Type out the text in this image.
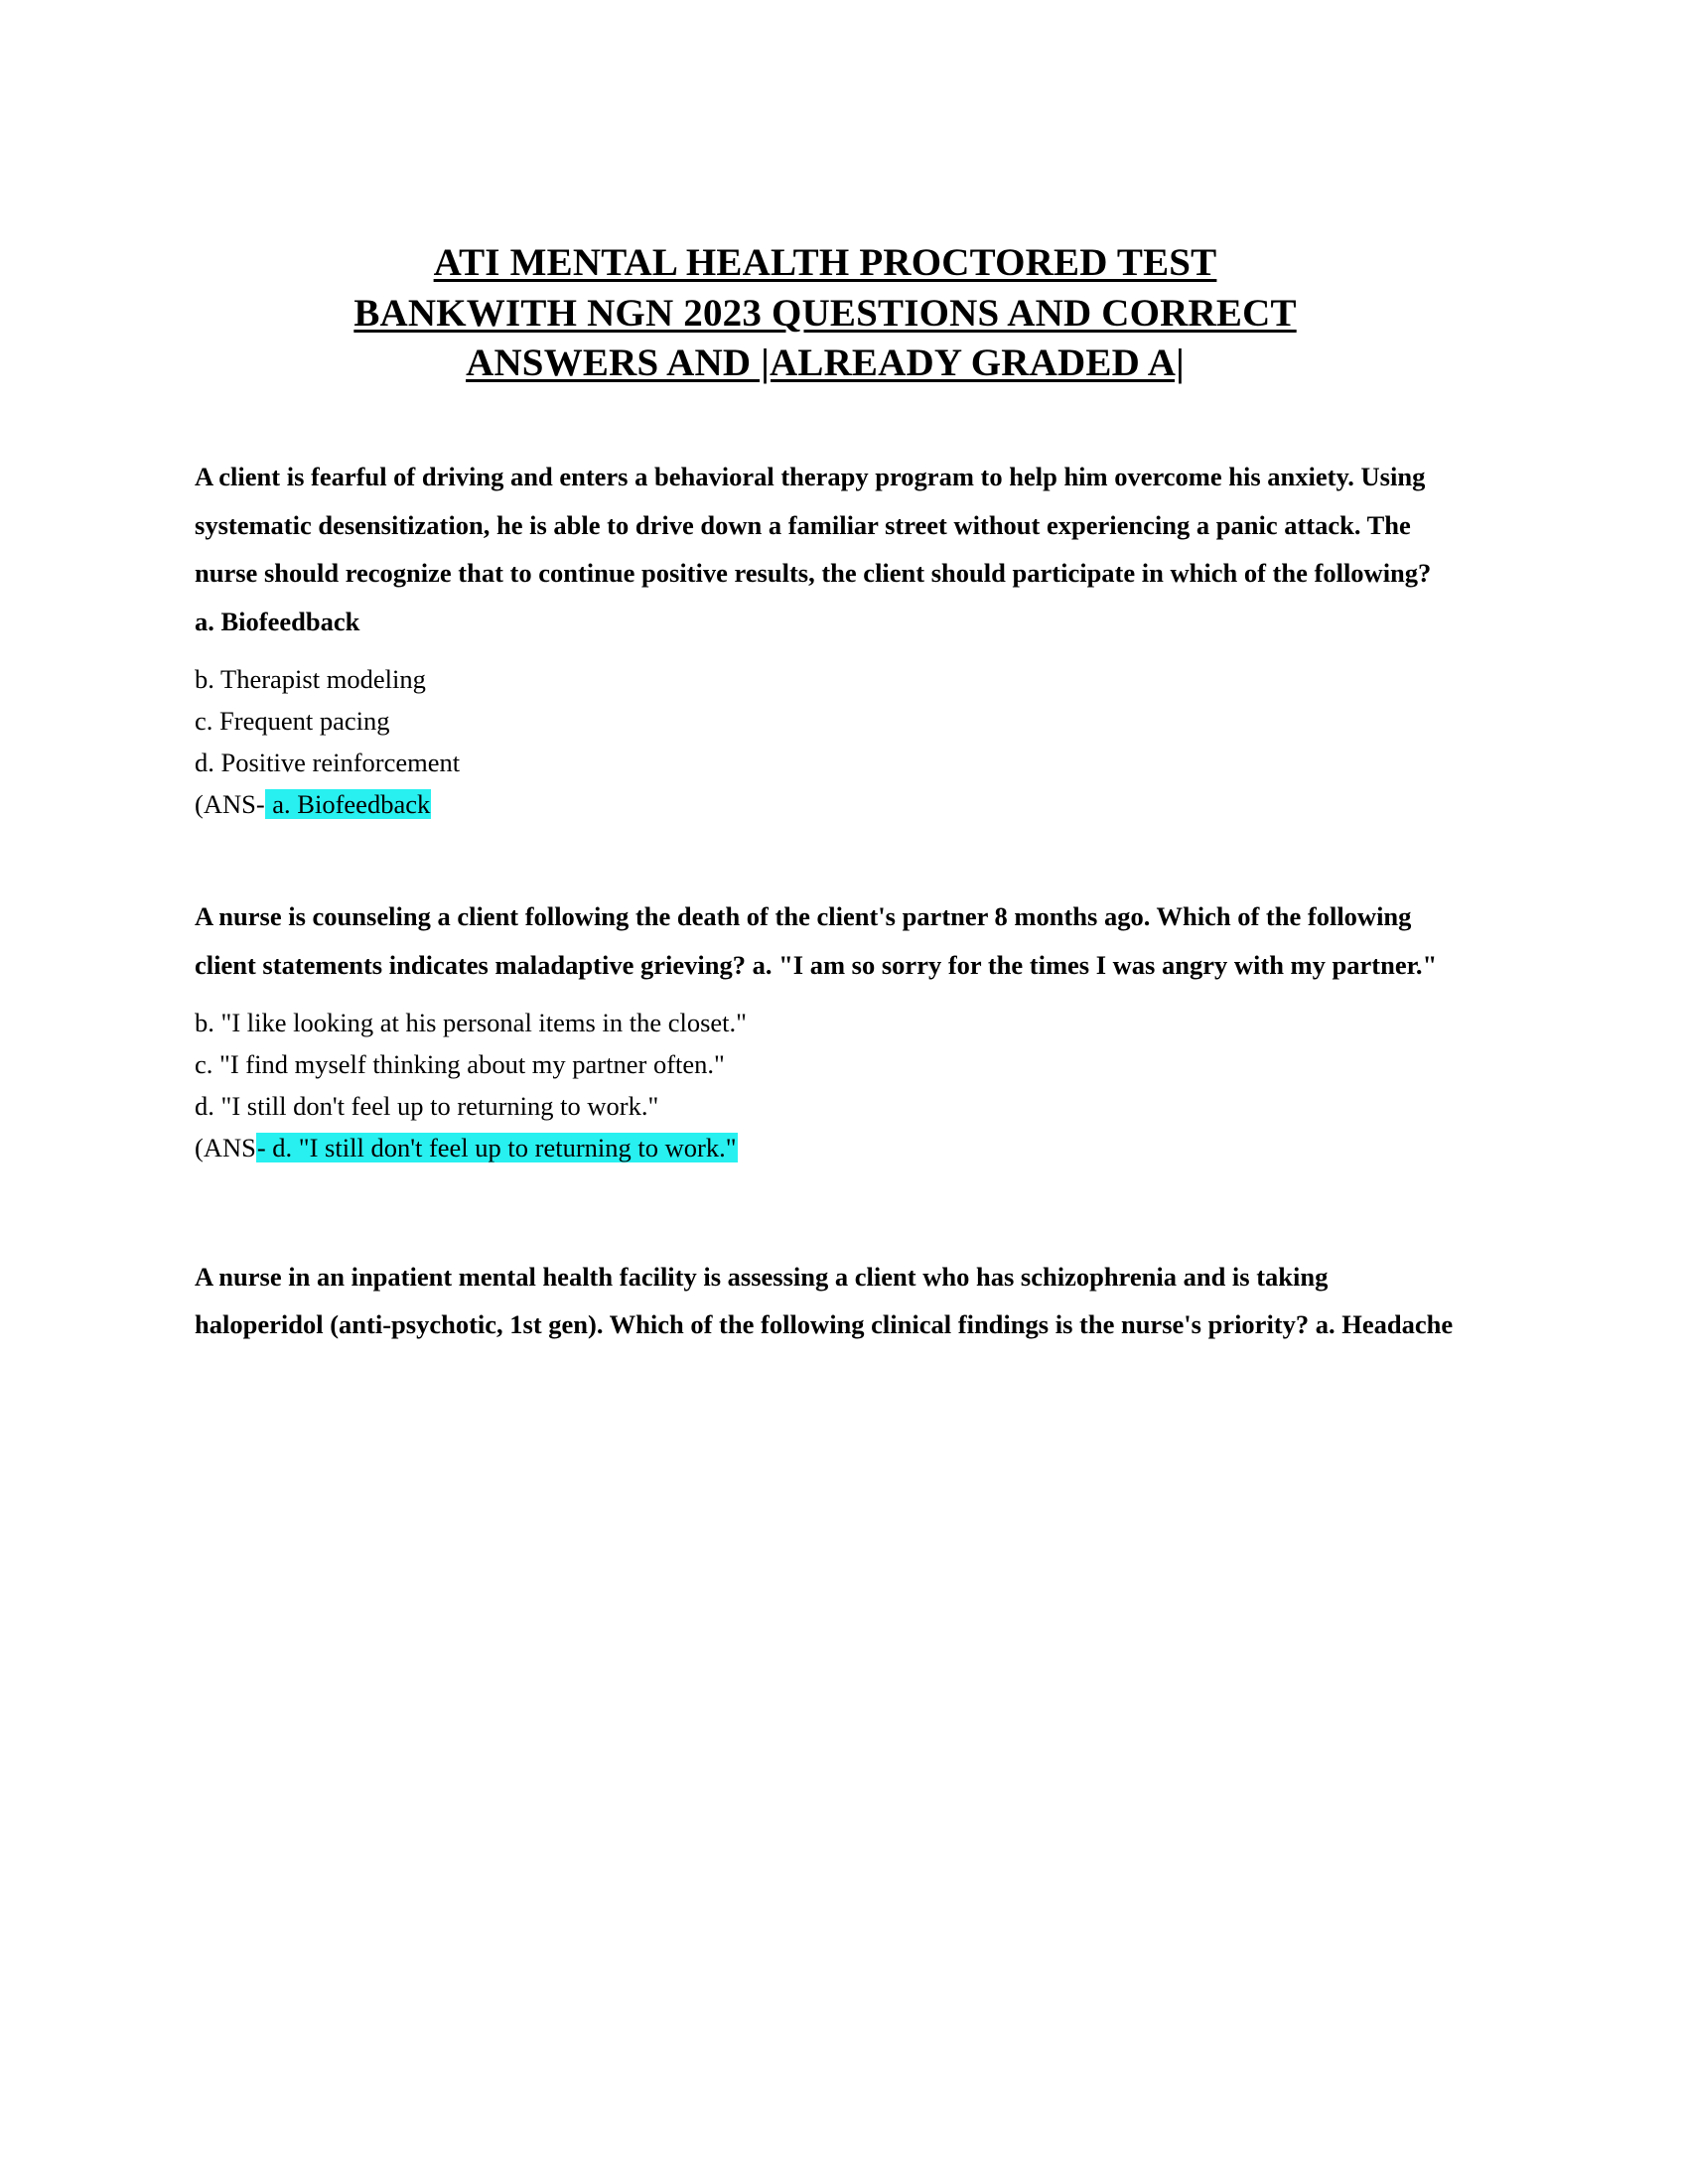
ATI MENTAL HEALTH PROCTORED TEST
BANKWITH NGN 2023 QUESTIONS AND CORRECT
ANSWERS AND |ALREADY GRADED A|

A client is fearful of driving and enters a behavioral therapy program to help him overcome his anxiety. Using systematic desensitization, he is able to drive down a familiar street without experiencing a panic attack. The nurse should recognize that to continue positive results, the client should participate in which of the following? a. Biofeedback

b. Therapist modeling

c. Frequent pacing

d. Positive reinforcement

(ANS- a. Biofeedback

A nurse is counseling a client following the death of the client's partner 8 months ago. Which of the following client statements indicates maladaptive grieving? a. "I am so sorry for the times I was angry with my partner."

b. "I like looking at his personal items in the closet."

c. "I find myself thinking about my partner often."

d. "I still don't feel up to returning to work."

(ANS- d. "I still don't feel up to returning to work."

A nurse in an inpatient mental health facility is assessing a client who has schizophrenia and is taking haloperidol (anti-psychotic, 1st gen). Which of the following clinical findings is the nurse's priority? a. Headache
